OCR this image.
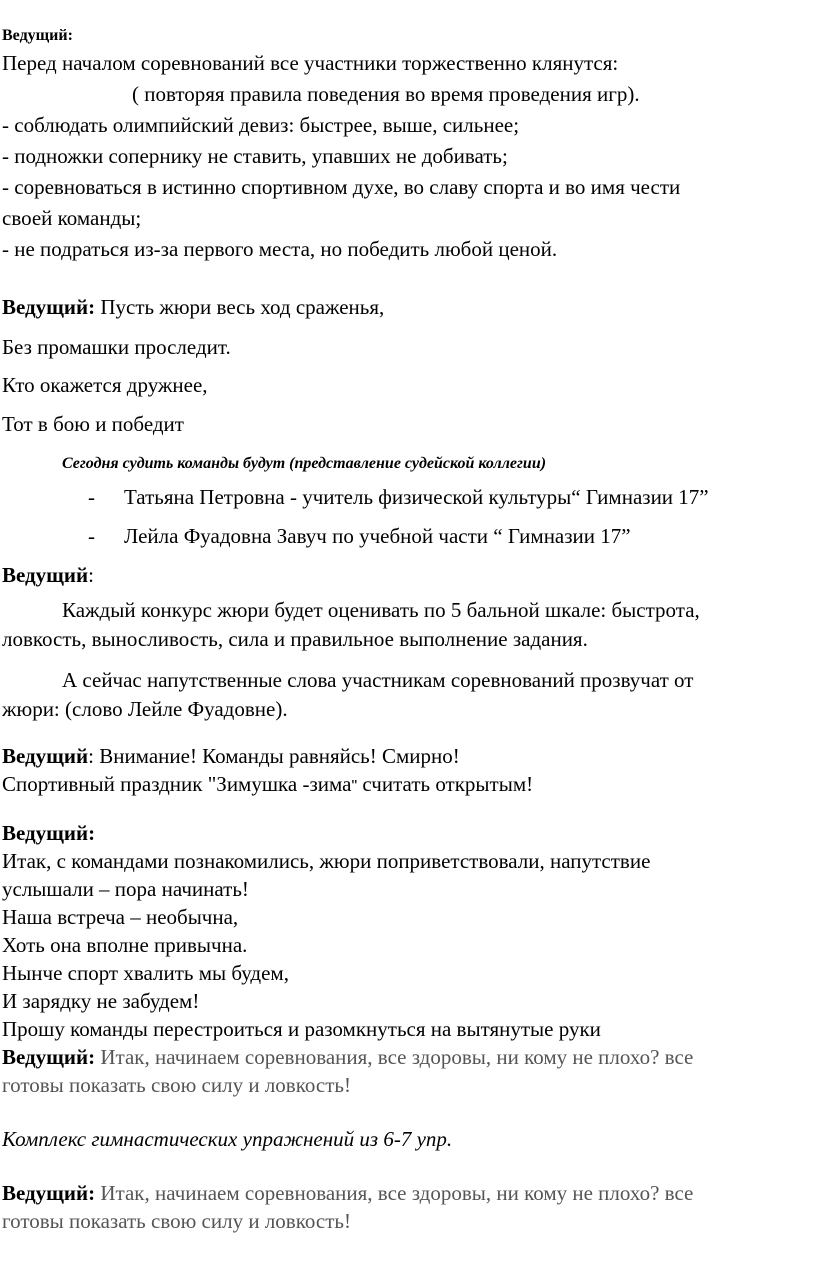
Ведущий:
Перед началом соревнований все участники торжественно клянутся:
( повторяя правила поведения во время проведения игр).
- соблюдать олимпийский девиз: быстрее, выше, сильнее;
- подножки сопернику не ставить, упавших не добивать;
- соревноваться в истинно спортивном духе, во славу спорта и во имя чести
своей команды;
- не подраться из-за первого места, но победить любой ценой.
Ведущий: Пусть жюри весь ход сраженья,
Без промашки проследит.
Кто окажется дружнее,
Тот в бою и победит
Сегодня судить команды будут (представление судейской коллегии)
- Татьяна Петровна - учитель физической культуры“ Гимназии 17”
- Лейла Фуадовна Завуч по учебной части “ Гимназии 17”
Ведущий:
Каждый конкурс жюри будет оценивать по 5 бальной шкале: быстрота,
ловкость, выносливость, сила и правильное выполнение задания.
А сейчас напутственные слова участникам соревнований прозвучат от
жюри: (слово Лейле Фуадовне).
Ведущий: Внимание! Команды равняйсь! Смирно!
Спортивный праздник "Зимушка -зима" считать открытым!
Ведущий:
Итак, с командами познакомились, жюри поприветствовали, напутствие
услышали – пора начинать!
Наша встреча – необычна,
Хоть она вполне привычна.
Нынче спорт хвалить мы будем,
И зарядку не забудем!
Прошу команды перестроиться и разомкнуться на вытянутые руки
Ведущий: Итак, начинаем соревнования, все здоровы, ни кому не плохо? все
готовы показать свою силу и ловкость!
Комплекс гимнастических упражнений из 6-7 упр.
Ведущий: Итак, начинаем соревнования, все здоровы, ни кому не плохо? все
готовы показать свою силу и ловкость!
